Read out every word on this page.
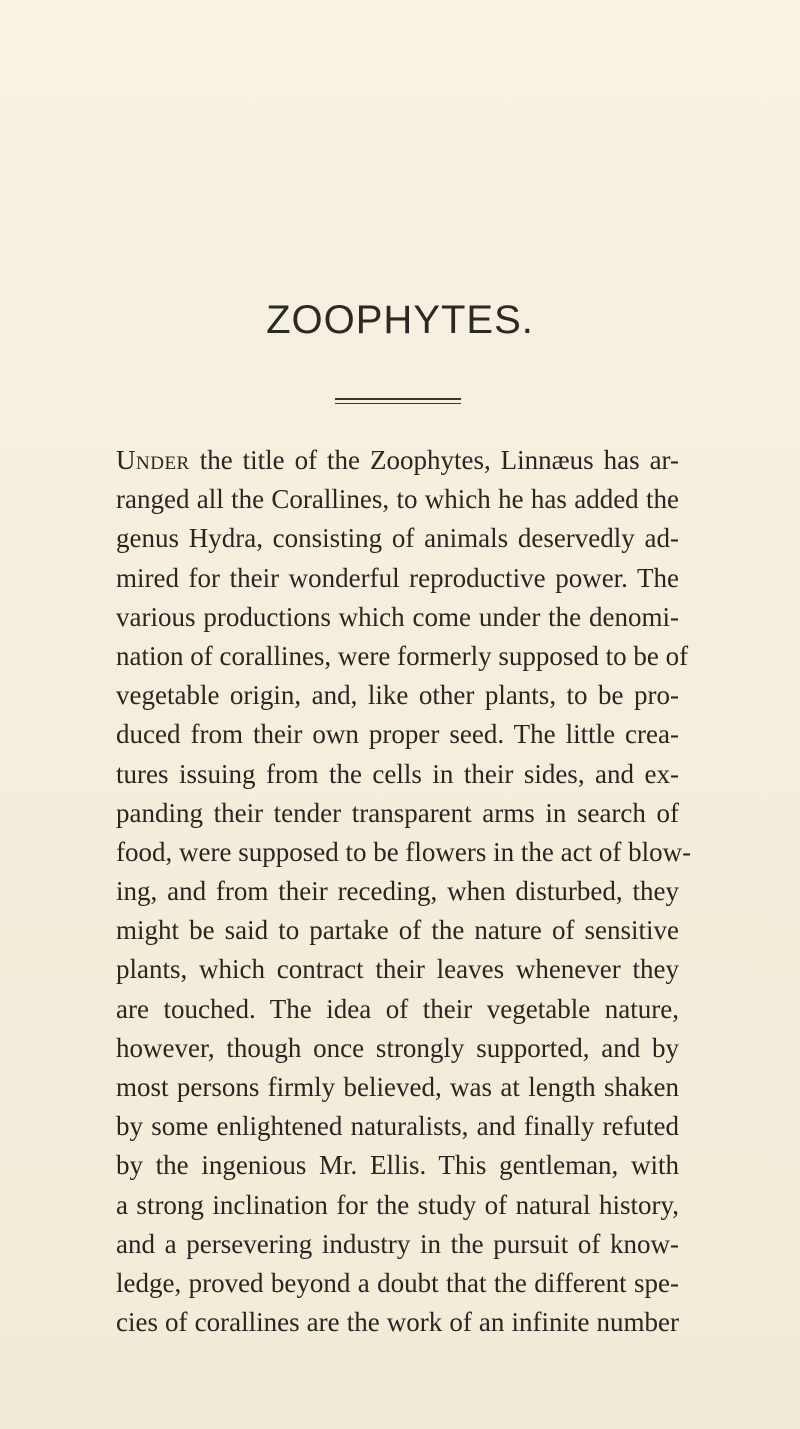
ZOOPHYTES.
Under the title of the Zoophytes, Linnæus has ar-
ranged all the Corallines, to which he has added the
genus Hydra, consisting of animals deservedly ad-
mired for their wonderful reproductive power. The
various productions which come under the denomi-
nation of corallines, were formerly supposed to be of
vegetable origin, and, like other plants, to be pro-
duced from their own proper seed. The little crea-
tures issuing from the cells in their sides, and ex-
panding their tender transparent arms in search of
food, were supposed to be flowers in the act of blow-
ing, and from their receding, when disturbed, they
might be said to partake of the nature of sensitive
plants, which contract their leaves whenever they
are touched. The idea of their vegetable nature,
however, though once strongly supported, and by
most persons firmly believed, was at length shaken
by some enlightened naturalists, and finally refuted
by the ingenious Mr. Ellis. This gentleman, with
a strong inclination for the study of natural history,
and a persevering industry in the pursuit of know-
ledge, proved beyond a doubt that the different spe-
cies of corallines are the work of an infinite number
